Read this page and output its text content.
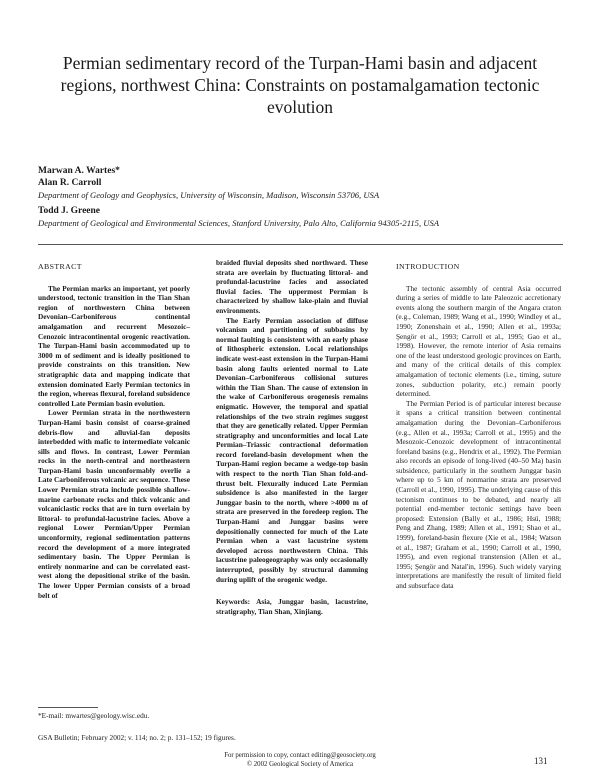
Permian sedimentary record of the Turpan-Hami basin and adjacent regions, northwest China: Constraints on postamalgamation tectonic evolution
Marwan A. Wartes*
Alan R. Carroll
Department of Geology and Geophysics, University of Wisconsin, Madison, Wisconsin 53706, USA
Todd J. Greene
Department of Geological and Environmental Sciences, Stanford University, Palo Alto, California 94305-2115, USA
ABSTRACT

The Permian marks an important, yet poorly understood, tectonic transition in the Tian Shan region of northwestern China between Devonian–Carboniferous continental amalgamation and recurrent Mesozoic–Cenozoic intracontinental orogenic reactivation. The Turpan-Hami basin accommodated up to 3000 m of sediment and is ideally positioned to provide constraints on this transition. New stratigraphic data and mapping indicate that extension dominated Early Permian tectonics in the region, whereas flexural, foreland subsidence controlled Late Permian basin evolution.

Lower Permian strata in the northwestern Turpan-Hami basin consist of coarse-grained debris-flow and alluvial-fan deposits interbedded with mafic to intermediate volcanic sills and flows. In contrast, Lower Permian rocks in the north-central and northeastern Turpan-Hami basin unconformably overlie a Late Carboniferous volcanic arc sequence. These Lower Permian strata include possible shallow-marine carbonate rocks and thick volcanic and volcaniclastic rocks that are in turn overlain by littoral- to profundal-lacustrine facies. Above a regional Lower Permian/Upper Permian unconformity, regional sedimentation patterns record the development of a more integrated sedimentary basin. The Upper Permian is entirely nonmarine and can be correlated east-west along the depositional strike of the basin. The lower Upper Permian consists of a broad belt of

braided fluvial deposits shed northward. These strata are overlain by fluctuating littoral- and profundal-lacustrine facies and associated fluvial facies. The uppermost Permian is characterized by shallow lake-plain and fluvial environments.

The Early Permian association of diffuse volcanism and partitioning of subbasins by normal faulting is consistent with an early phase of lithospheric extension. Local relationships indicate west-east extension in the Turpan-Hami basin along faults oriented normal to Late Devonian–Carboniferous collisional sutures within the Tian Shan. The cause of extension in the wake of Carboniferous orogenesis remains enigmatic. However, the temporal and spatial relationships of the two strain regimes suggest that they are genetically related. Upper Permian stratigraphy and unconformities and local Late Permian–Triassic contractional deformation record foreland-basin development when the Turpan-Hami region became a wedge-top basin with respect to the north Tian Shan fold-and-thrust belt. Flexurally induced Late Permian subsidence is also manifested in the larger Junggar basin to the north, where >4000 m of strata are preserved in the foredeep region. The Turpan-Hami and Junggar basins were depositionally connected for much of the Late Permian when a vast lacustrine system developed across northwestern China. This lacustrine paleogeography was only occasionally interrupted, possibly by structural damming during uplift of the orogenic wedge.

Keywords: Asia, Junggar basin, lacustrine, stratigraphy, Tian Shan, Xinjiang.

INTRODUCTION

The tectonic assembly of central Asia occurred during a series of middle to late Paleozoic accretionary events along the southern margin of the Angara craton (e.g., Coleman, 1989; Wang et al., 1990; Windley et al., 1990; Zonenshain et al., 1990; Allen et al., 1993a; Şengör et al., 1993; Carroll et al., 1995; Gao et al., 1998). However, the remote interior of Asia remains one of the least understood geologic provinces on Earth, and many of the critical details of this complex amalgamation of tectonic elements (i.e., timing, suture zones, subduction polarity, etc.) remain poorly determined.

The Permian Period is of particular interest because it spans a critical transition between continental amalgamation during the Devonian–Carboniferous (e.g., Allen et al., 1993a; Carroll et al., 1995) and the Mesozoic-Cenozoic development of intracontinental foreland basins (e.g., Hendrix et al., 1992). The Permian also records an episode of long-lived (40–50 Ma) basin subsidence, particularly in the southern Junggar basin where up to 5 km of nonmarine strata are preserved (Carroll et al., 1990, 1995). The underlying cause of this tectonism continues to be debated, and nearly all potential end-member tectonic settings have been proposed: Extension (Bally et al., 1986; Hsü, 1988; Peng and Zhang, 1989; Allen et al., 1991; Shao et al., 1999), foreland-basin flexure (Xie et al., 1984; Watson et al., 1987; Graham et al., 1990; Carroll et al., 1990, 1995), and even regional transtension (Allen et al., 1995; Şengör and Natal'in, 1996). Such widely varying interpretations are manifestly the result of limited field and subsurface data

*E-mail: mwartes@geology.wisc.edu.
GSA Bulletin; February 2002; v. 114; no. 2; p. 131–152; 19 figures.
For permission to copy, contact editing@geosociety.org
© 2002 Geological Society of America	131
